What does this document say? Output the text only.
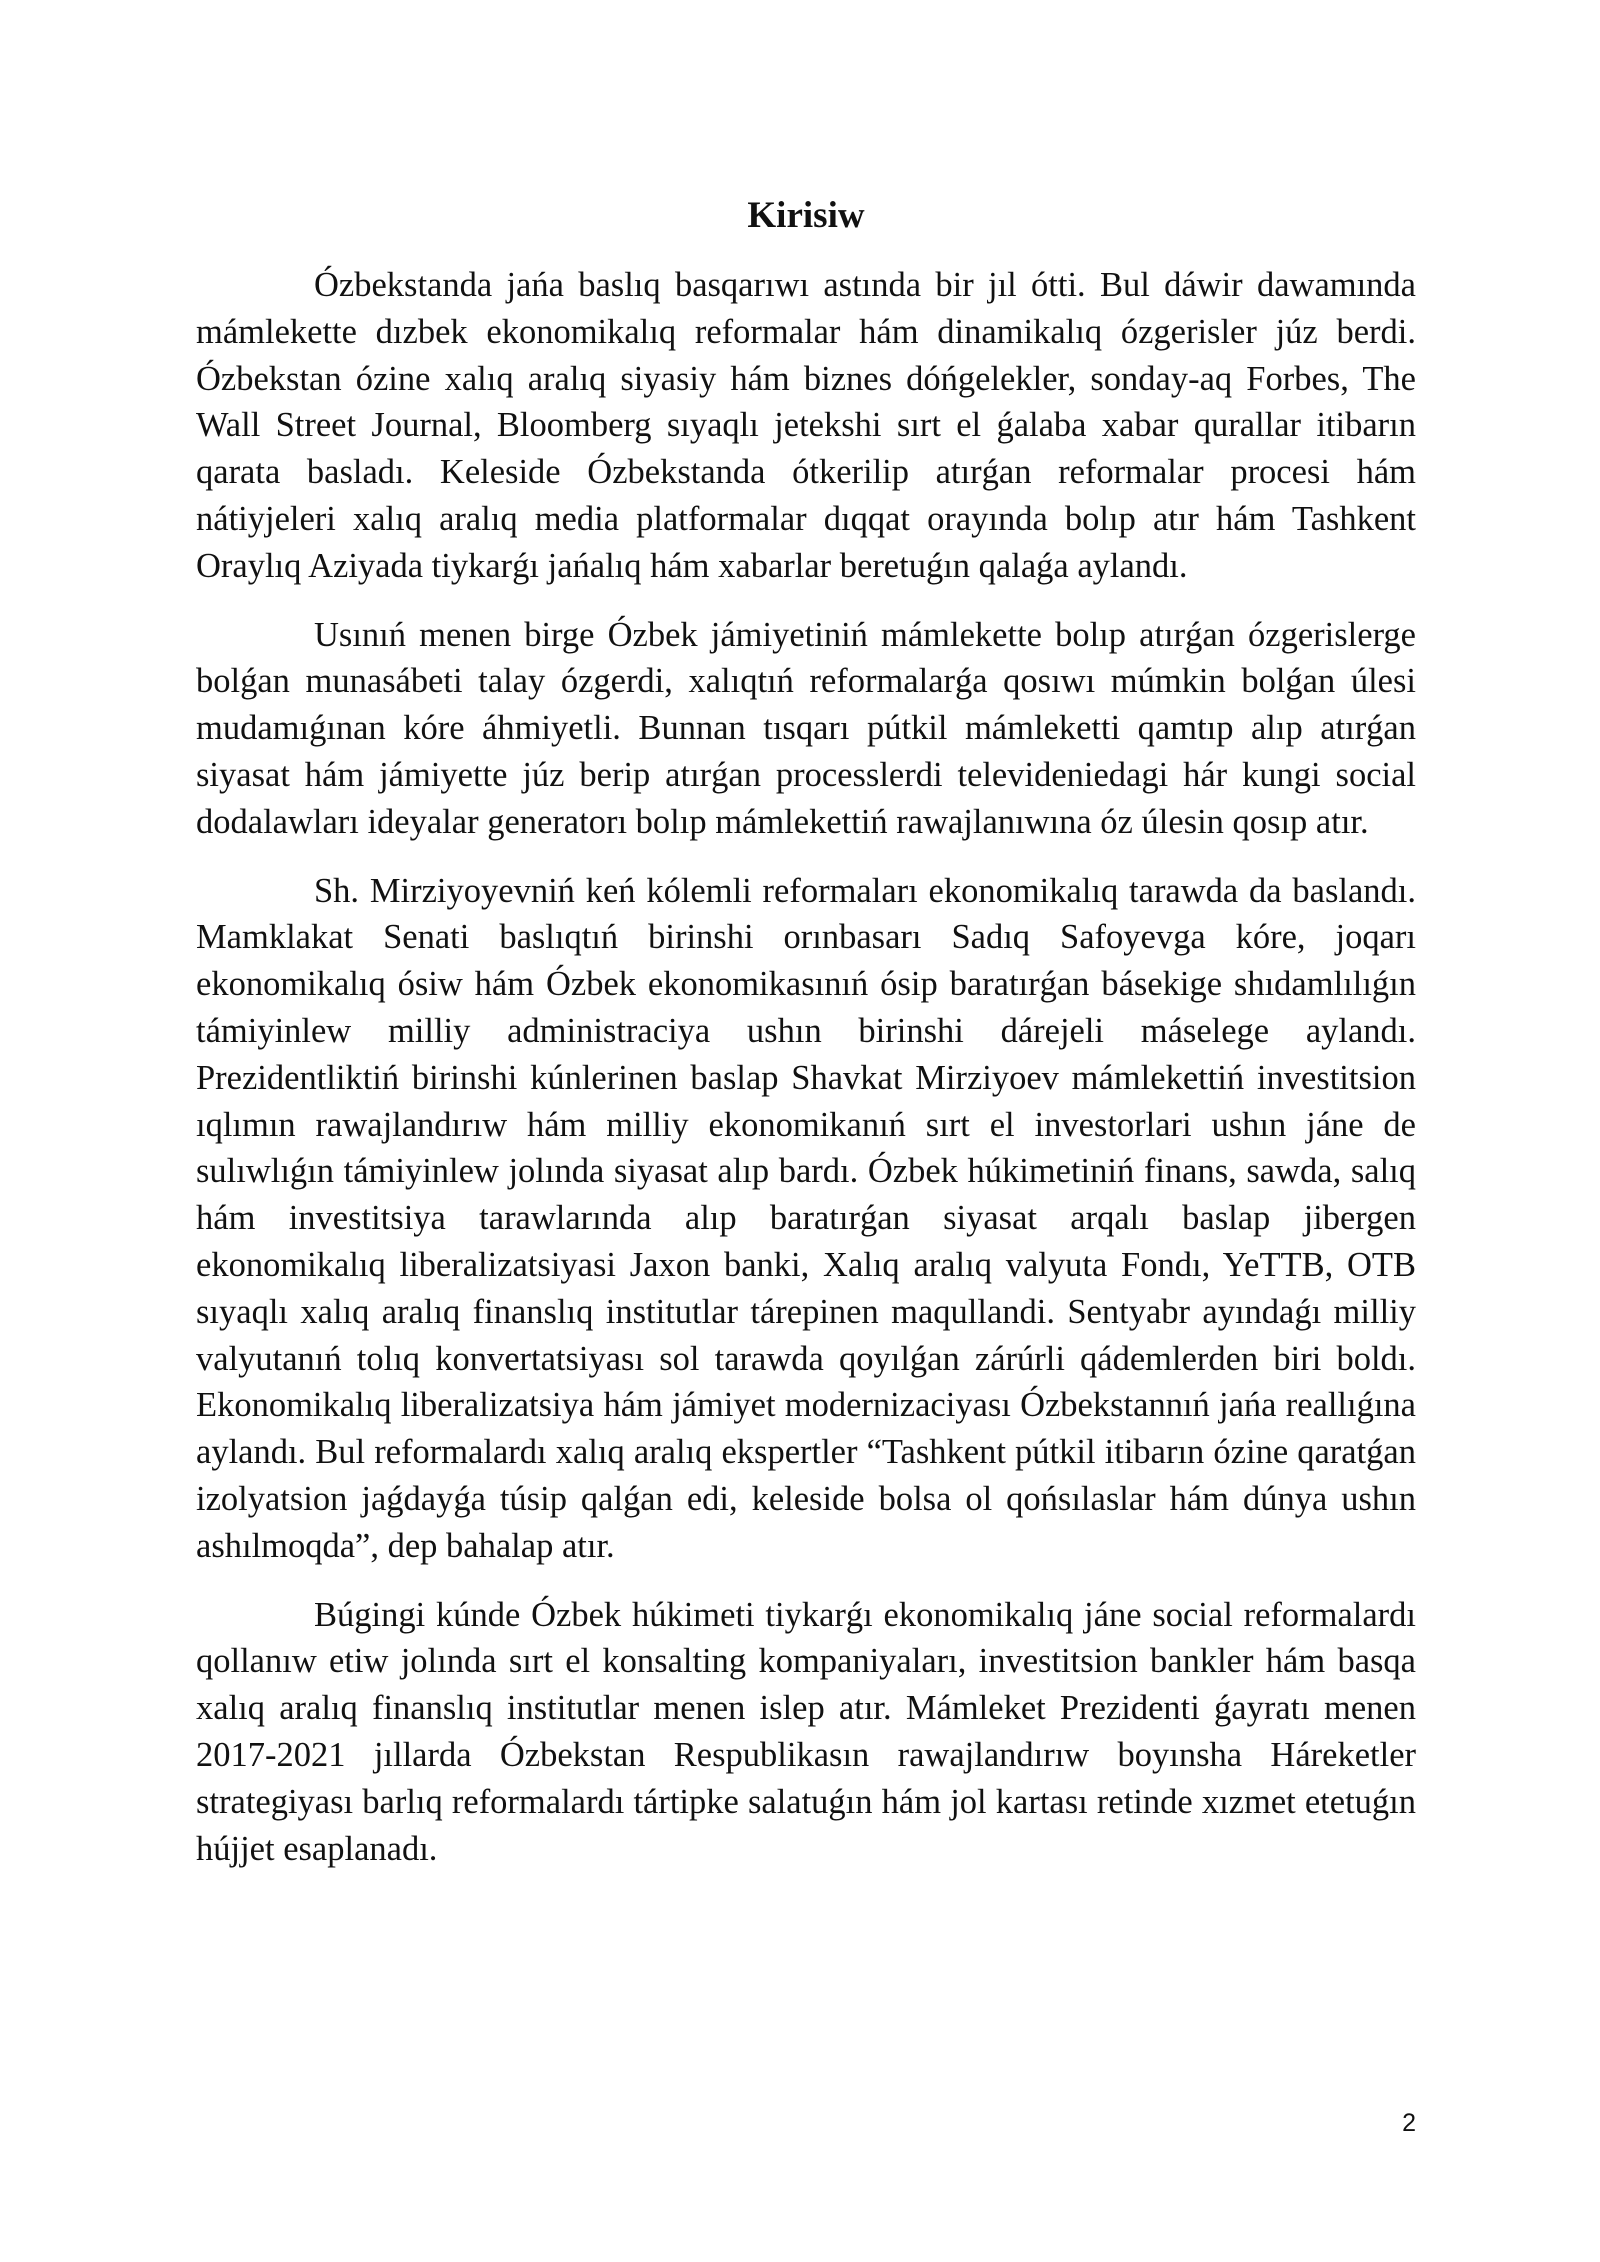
Kirisiw

Ózbekstanda jańa baslıq basqarıwı astında bir jıl ótti. Bul dáwir dawamında mámlekette dızbek ekonomikalıq reformalar hám dinamikalıq ózgerisler júz berdi. Ózbekstan ózine xalıq aralıq siyasiy hám biznes dóńgelekler, sonday-aq Forbes, The Wall Street Journal, Bloomberg sıyaqlı jetekshi sırt el ǵalaba xabar qurallar itibarın qarata basladı. Keleside Ózbekstanda ótkerilip atırǵan reformalar procesi hám nátiyjeleri xalıq aralıq media platformalar dıqqat orayında bolıp atır hám Tashkent Oraylıq Aziyada tiykarǵı jańalıq hám xabarlar beretuǵın qalaǵa aylandı.

Usınıń menen birge Ózbek jámiyetiniń mámlekette bolıp atırǵan ózgerislerge bolǵan munasábeti talay ózgerdi, xalıqtıń reformalarǵa qosıwı múmkin bolǵan úlesi mudamıǵınan kóre áhmiyetli. Bunnan tısqarı pútkil mámleketti qamtıp alıp atırǵan siyasat hám jámiyette júz berip atırǵan processlerdi televideniedagi hár kungi social dodalawları ideyalar generatorı bolıp mámlekettiń rawajlanıwına óz úlesin qosıp atır.

Sh. Mirziyoyevniń keń kólemli reformaları ekonomikalıq tarawda da baslandı. Mamklakat Senati baslıqtıń birinshi orınbasarı Sadıq Safoyevga kóre, joqarı ekonomikalıq ósiw hám Ózbek ekonomikasınıń ósip baratırǵan básekige shıdamlılıǵın támiyinlew milliy administraciya ushın birinshi dárejeli máselege aylandı. Prezidentliktiń birinshi kúnlerinen baslap Shavkat Mirziyoev mámlekettiń investitsion ıqlımın rawajlandırıw hám milliy ekonomikanıń sırt el investorlari ushın jáne de sulıwlıǵın támiyinlew jolında siyasat alıp bardı. Ózbek húkimetiniń finans, sawda, salıq hám investitsiya tarawlarında alıp baratırǵan siyasat arqalı baslap jibergen ekonomikalıq liberalizatsiyasi Jaxon banki, Xalıq aralıq valyuta Fondı, YeTTB, OTB sıyaqlı xalıq aralıq finanslıq institutlar tárepinen maqullandi. Sentyabr ayındaǵı milliy valyutanıń tolıq konvertatsiyası sol tarawda qoyılǵan zárúrli qádemlerden biri boldı. Ekonomikalıq liberalizatsiya hám jámiyet modernizaciyası Ózbekstannıń jańa reallıǵına aylandı. Bul reformalardı xalıq aralıq ekspertler “Tashkent pútkil itibarın ózine qaratǵan izolyatsion jaǵdayǵa túsip qalǵan edi, keleside bolsa ol qońsılaslar hám dúnya ushın ashılmoqda”, dep bahalap atır.

Búgingi kúnde Ózbek húkimeti tiykarǵı ekonomikalıq jáne social reformalardı qollanıw etiw jolında sırt el konsalting kompaniyaları, investitsion bankler hám basqa xalıq aralıq finanslıq institutlar menen islep atır. Mámleket Prezidenti ǵayratı menen 2017-2021 jıllarda Ózbekstan Respublikasın rawajlandırıw boyınsha Háreketler strategiyası barlıq reformalardı tártipke salatuǵın hám jol kartası retinde xızmet etetuǵın hújjet esaplanadı.

2
